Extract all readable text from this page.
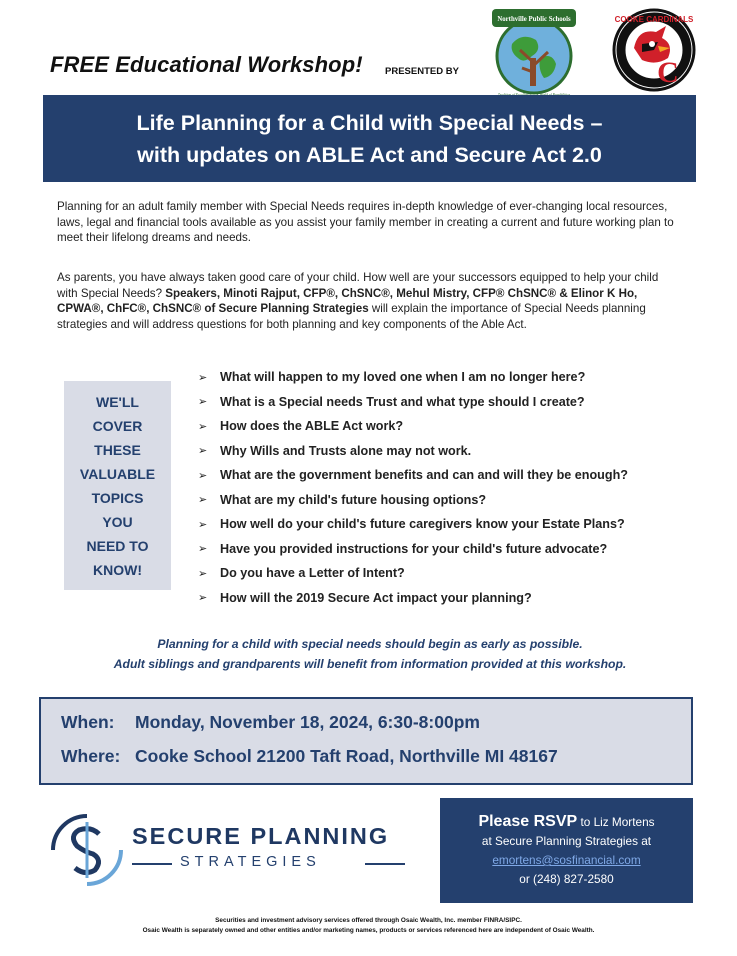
FREE Educational Workshop! PRESENTED BY
Northville Public Schools	COOKE CARDINALS
C
Life Planning for a Child with Special Needs –
with updates on ABLE Act and Secure Act 2.0
Planning for an adult family member with Special Needs requires in-depth knowledge of ever-changing local resources, laws, legal and financial tools available as you assist your family member in creating a current and future working plan to meet their lifelong dreams and needs.
As parents, you have always taken good care of your child. How well are your successors equipped to help your child with Special Needs? Speakers, Minoti Rajput, CFP®, ChSNC®, Mehul Mistry, CFP® ChSNC® & Elinor K Ho, CPWA®, ChFC®, ChSNC® of Secure Planning Strategies will explain the importance of Special Needs planning strategies and will address questions for both planning and key components of the Able Act.
WE'LL
COVER
THESE
VALUABLE
TOPICS
YOU
NEED TO
KNOW!
➢	What will happen to my loved one when I am no longer here?
➢	What is a Special needs Trust and what type should I create?
➢	How does the ABLE Act work?
➢	Why Wills and Trusts alone may not work.
➢	What are the government benefits and can and will they be enough?
➢	What are my child's future housing options?
➢	How well do your child's future caregivers know your Estate Plans?
➢	Have you provided instructions for your child's future advocate?
➢	Do you have a Letter of Intent?
➢	How will the 2019 Secure Act impact your planning?
Planning for a child with special needs should begin as early as possible.
Adult siblings and grandparents will benefit from information provided at this workshop.
When: Monday, November 18, 2024, 6:30-8:00pm
Where: Cooke School 21200 Taft Road, Northville MI 48167
SECURE PLANNING
STRATEGIES
Please RSVP to Liz Mortens
at Secure Planning Strategies at
emortens@sosfinancial.com
or (248) 827-2580
Securities and investment advisory services offered through Osaic Wealth, Inc. member FINRA/SIPC.
Osaic Wealth is separately owned and other entities and/or marketing names, products or services referenced here are independent of Osaic Wealth.
